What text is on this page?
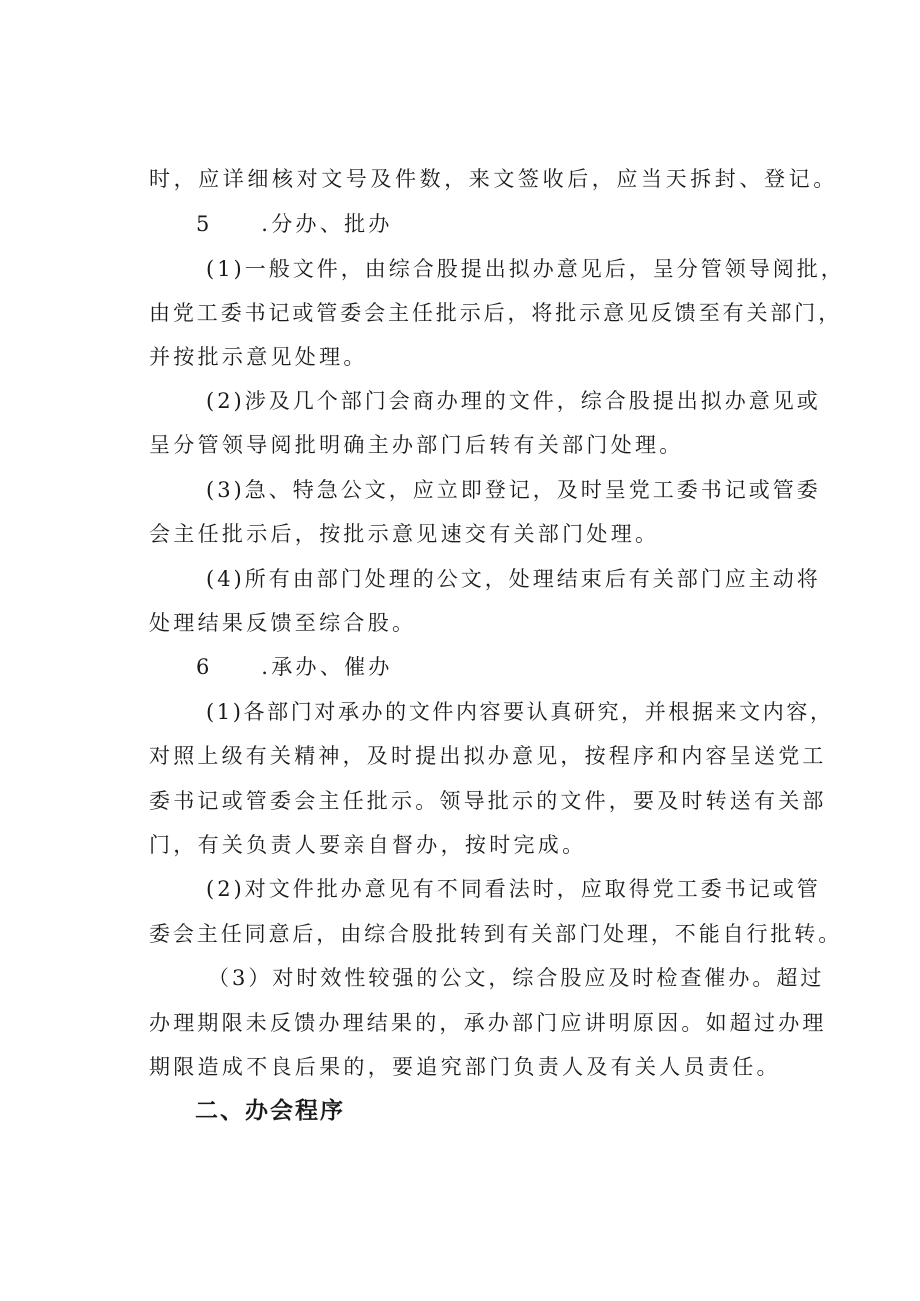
时，应详细核对文号及件数，来文签收后，应当天拆封、登记。
5　　.分办、批办
(1)一般文件，由综合股提出拟办意见后，呈分管领导阅批，
由党工委书记或管委会主任批示后，将批示意见反馈至有关部门，
并按批示意见处理。
(2)涉及几个部门会商办理的文件，综合股提出拟办意见或
呈分管领导阅批明确主办部门后转有关部门处理。
(3)急、特急公文，应立即登记，及时呈党工委书记或管委
会主任批示后，按批示意见速交有关部门处理。
(4)所有由部门处理的公文，处理结束后有关部门应主动将
处理结果反馈至综合股。
6　　.承办、催办
(1)各部门对承办的文件内容要认真研究，并根据来文内容，
对照上级有关精神，及时提出拟办意见，按程序和内容呈送党工
委书记或管委会主任批示。领导批示的文件，要及时转送有关部
门，有关负责人要亲自督办，按时完成。
(2)对文件批办意见有不同看法时，应取得党工委书记或管
委会主任同意后，由综合股批转到有关部门处理，不能自行批转。
（3）对时效性较强的公文，综合股应及时检查催办。超过
办理期限未反馈办理结果的，承办部门应讲明原因。如超过办理
期限造成不良后果的，要追究部门负责人及有关人员责任。
二、办会程序
